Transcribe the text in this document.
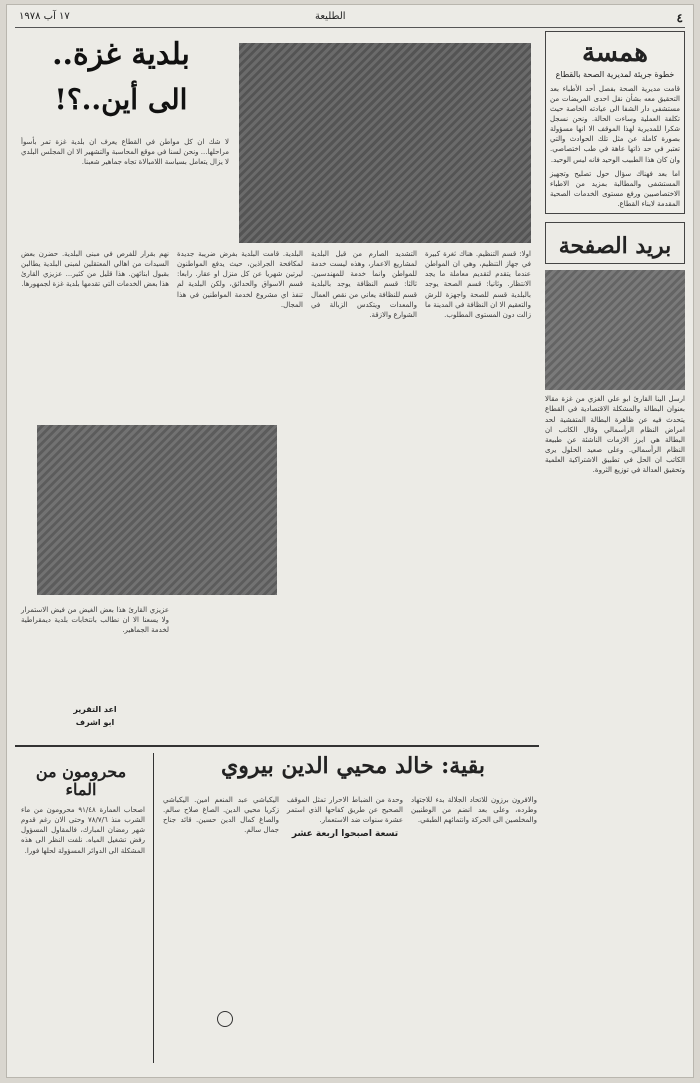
٤
الطليعة
١٧ آب ١٩٧٨
همسة
خطوة جريئة لمديرية الصحة بالقطاع
قامت مديرية الصحة بفصل أحد الأطباء بعد التحقيق معه بشأن نقل احدى المريضات من مستشفى دار الشفا الى عيادته الخاصة حيث تكلفة العملية وساءت الحالة. ونحن نسجل شكرا للمديرية لهذا الموقف الا انها مسؤولة بصورة كاملة عن مثل تلك الحوادث والتي تعتبر في حد ذاتها عاهة في طب اختصاصي. وان كان هذا الطبيب الوحيد فانه ليس الوحيد.
اما بعد فهناك سؤال حول تصليح وتجهيز المستشفى والمطالبة بمزيد من الاطباء الاختصاصيين ورفع مستوى الخدمات الصحية المقدمة لابناء القطاع.
بريد الصفحة
ارسل الينا القارئ ابو علي الغزي من غزة مقالا بعنوان البطالة والمشكلة الاقتصادية في القطاع يتحدث فيه عن ظاهرة البطالة المتفشية لحد امراض النظام الرأسمالي وقال الكاتب ان البطالة هي ابرز الازمات الناشئة عن طبيعة النظام الرأسمالي. وعلى صعيد الحلول يرى الكاتب ان الحل في تطبيق الاشتراكية العلمية وتحقيق العدالة في توزيع الثروة.
بلدية غزة..
الى أين..؟!
لا شك ان كل مواطن في القطاع يعرف ان بلدية غزة تمر بأسوأ مراحلها... ونحن لسنا في موقع المحاسبة والتشهير الا ان المجلس البلدي لا يزال يتعامل بسياسة اللامبالاة تجاه جماهير شعبنا.
اولا: قسم التنظيم. هناك ثغرة كبيرة في جهاز التنظيم، وهي ان المواطن عندما يتقدم لتقديم معاملة ما يجد الانتظار. وثانيا: قسم الصحة يوجد بالبلدية قسم للصحة واجهزة للرش والتعقيم الا ان النظافة في المدينة ما زالت دون المستوى المطلوب.
التشديد الصارم من قبل البلدية لمشاريع الاعمار، وهذه ليست خدمة للمواطن وانما خدمة للمهندسين. ثالثا: قسم النظافة يوجد بالبلدية قسم للنظافة يعاني من نقص العمال والمعدات ويتكدس الزبالة في الشوارع والازقة.
البلدية. قامت البلدية بفرض ضريبة جديدة لمكافحة الجراذين، حيث يدفع المواطنون ليرتين شهريا عن كل منزل او عقار. رابعا: قسم الاسواق والحدائق، ولكن البلدية لم تنفذ اي مشروع لخدمة المواطنين في هذا المجال.
نهم بقرار للفرص في مبنى البلدية. حضرن بعض السيدات من اهالي المعتقلين لمبنى البلدية يطالبن بقبول ابنائهن. هذا قليل من كثير... عزيزي القارئ هذا بعض الخدمات التي تقدمها بلدية غزة لجمهورها.
عزيزي القارئ هذا بعض الغيض من فيض الاستمرار ولا يسعنا الا ان نطالب بانتخابات بلدية ديمقراطية لخدمة الجماهير.
اعد التقرير
ابو اشرف
بقية: خالد محيي الدين بيروي
والافرون برزون للاتحاد الجلالة بدء للاجتهاد وطرده، وعلى بعد انضم من الوطنيين والمخلصين الى الحركة وانتمائهم الطبقي.
وحدة من الضباط الاحرار تمثل الموقف الصحيح عن طريق كفاحها الذي استمر عشرة سنوات ضد الاستعمار.
تسعة اصبحوا اربعة عشر
اليكباشي عبد المنعم امين. اليكباشي زكريا محيي الدين. الصاغ صلاح سالم. والصاغ كمال الدين حسين. قائد جناح جمال سالم.
محرومون من الماء
اصحاب العمارة ٩١/٤٨ محرومون من ماء الشرب منذ ٧٨/٧/٦ وحتى الان رغم قدوم شهر رمضان المبارك، فالمقاول المسؤول رفض تشغيل المياه. نلفت النظر الى هذه المشكلة الى الدوائر المسؤولة لحلها فورا.
